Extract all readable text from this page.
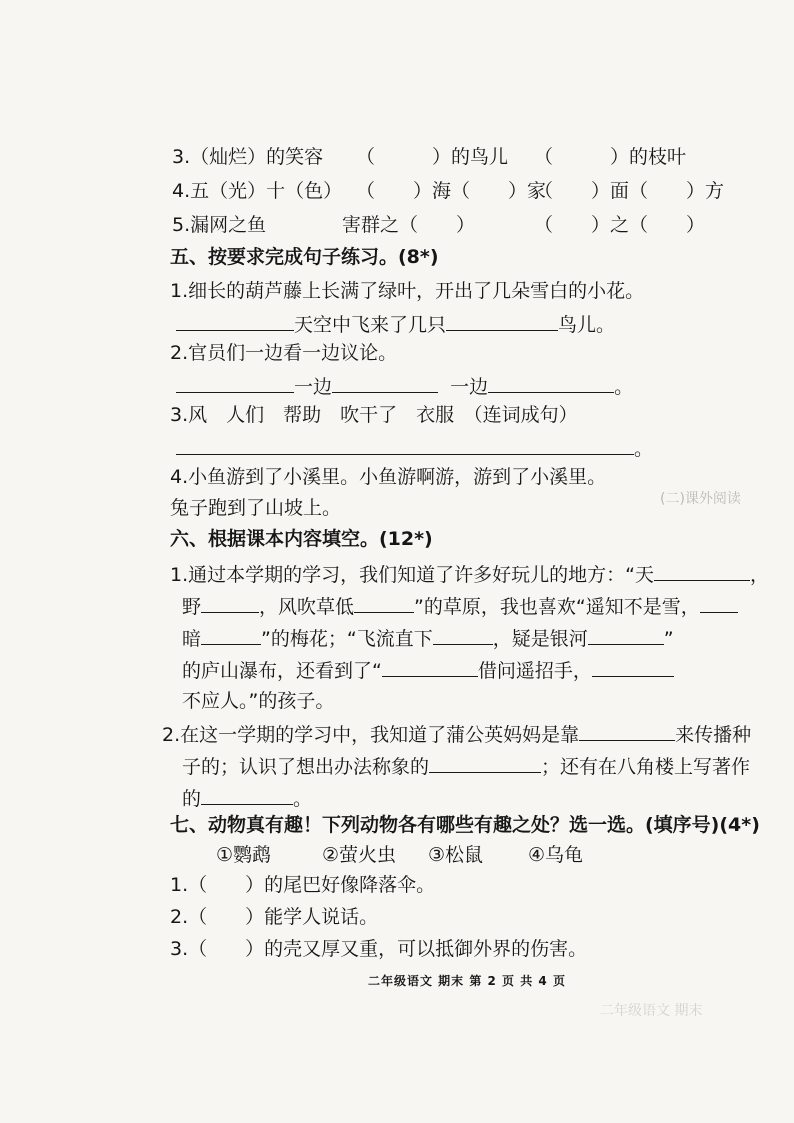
3.（灿烂）的笑容 （　　　）的鸟儿 （　　　）的枝叶
4.五（光）十（色） （　　）海（　　）家
（　　）面（　　）方
5.漏网之鱼	害群之（　　）	（　　）之（　　）
五、按要求完成句子练习。(8*)
1.细长的葫芦藤上长满了绿叶，开出了几朵雪白的小花。
天空中飞来了几只	鸟儿。
2.官员们一边看一边议论。
一边	一边	。
3.风　人们　帮助　吹干了　衣服　（连词成句）
。
4.小鱼游到了小溪里。小鱼游啊游，游到了小溪里。
兔子跑到了山坡上。
六、根据课本内容填空。(12*)
1.通过本学期的学习，我们知道了许多好玩儿的地方：“天	，
野	，风吹草低	”的草原，我也喜欢“遥知不是雪，
暗	”的梅花；“飞流直下	，疑是银河	”
的庐山瀑布，还看到了“	借问遥招手，
不应人。”的孩子。
2.在这一学期的学习中，我知道了蒲公英妈妈是靠	来传播种
子的；认识了想出办法称象的	；还有在八角楼上写著作
的	。
七、动物真有趣！下列动物各有哪些有趣之处？选一选。(填序号)(4*)
①鹦鹉	②萤火虫 ③松鼠 ④乌龟
1.（　　）的尾巴好像降落伞。
2.（　　）能学人说话。
3.（　　）的壳又厚又重，可以抵御外界的伤害。
二年级语文 期末 第 2 页 共 4 页
(二)课外阅读
二年级语文 期末
